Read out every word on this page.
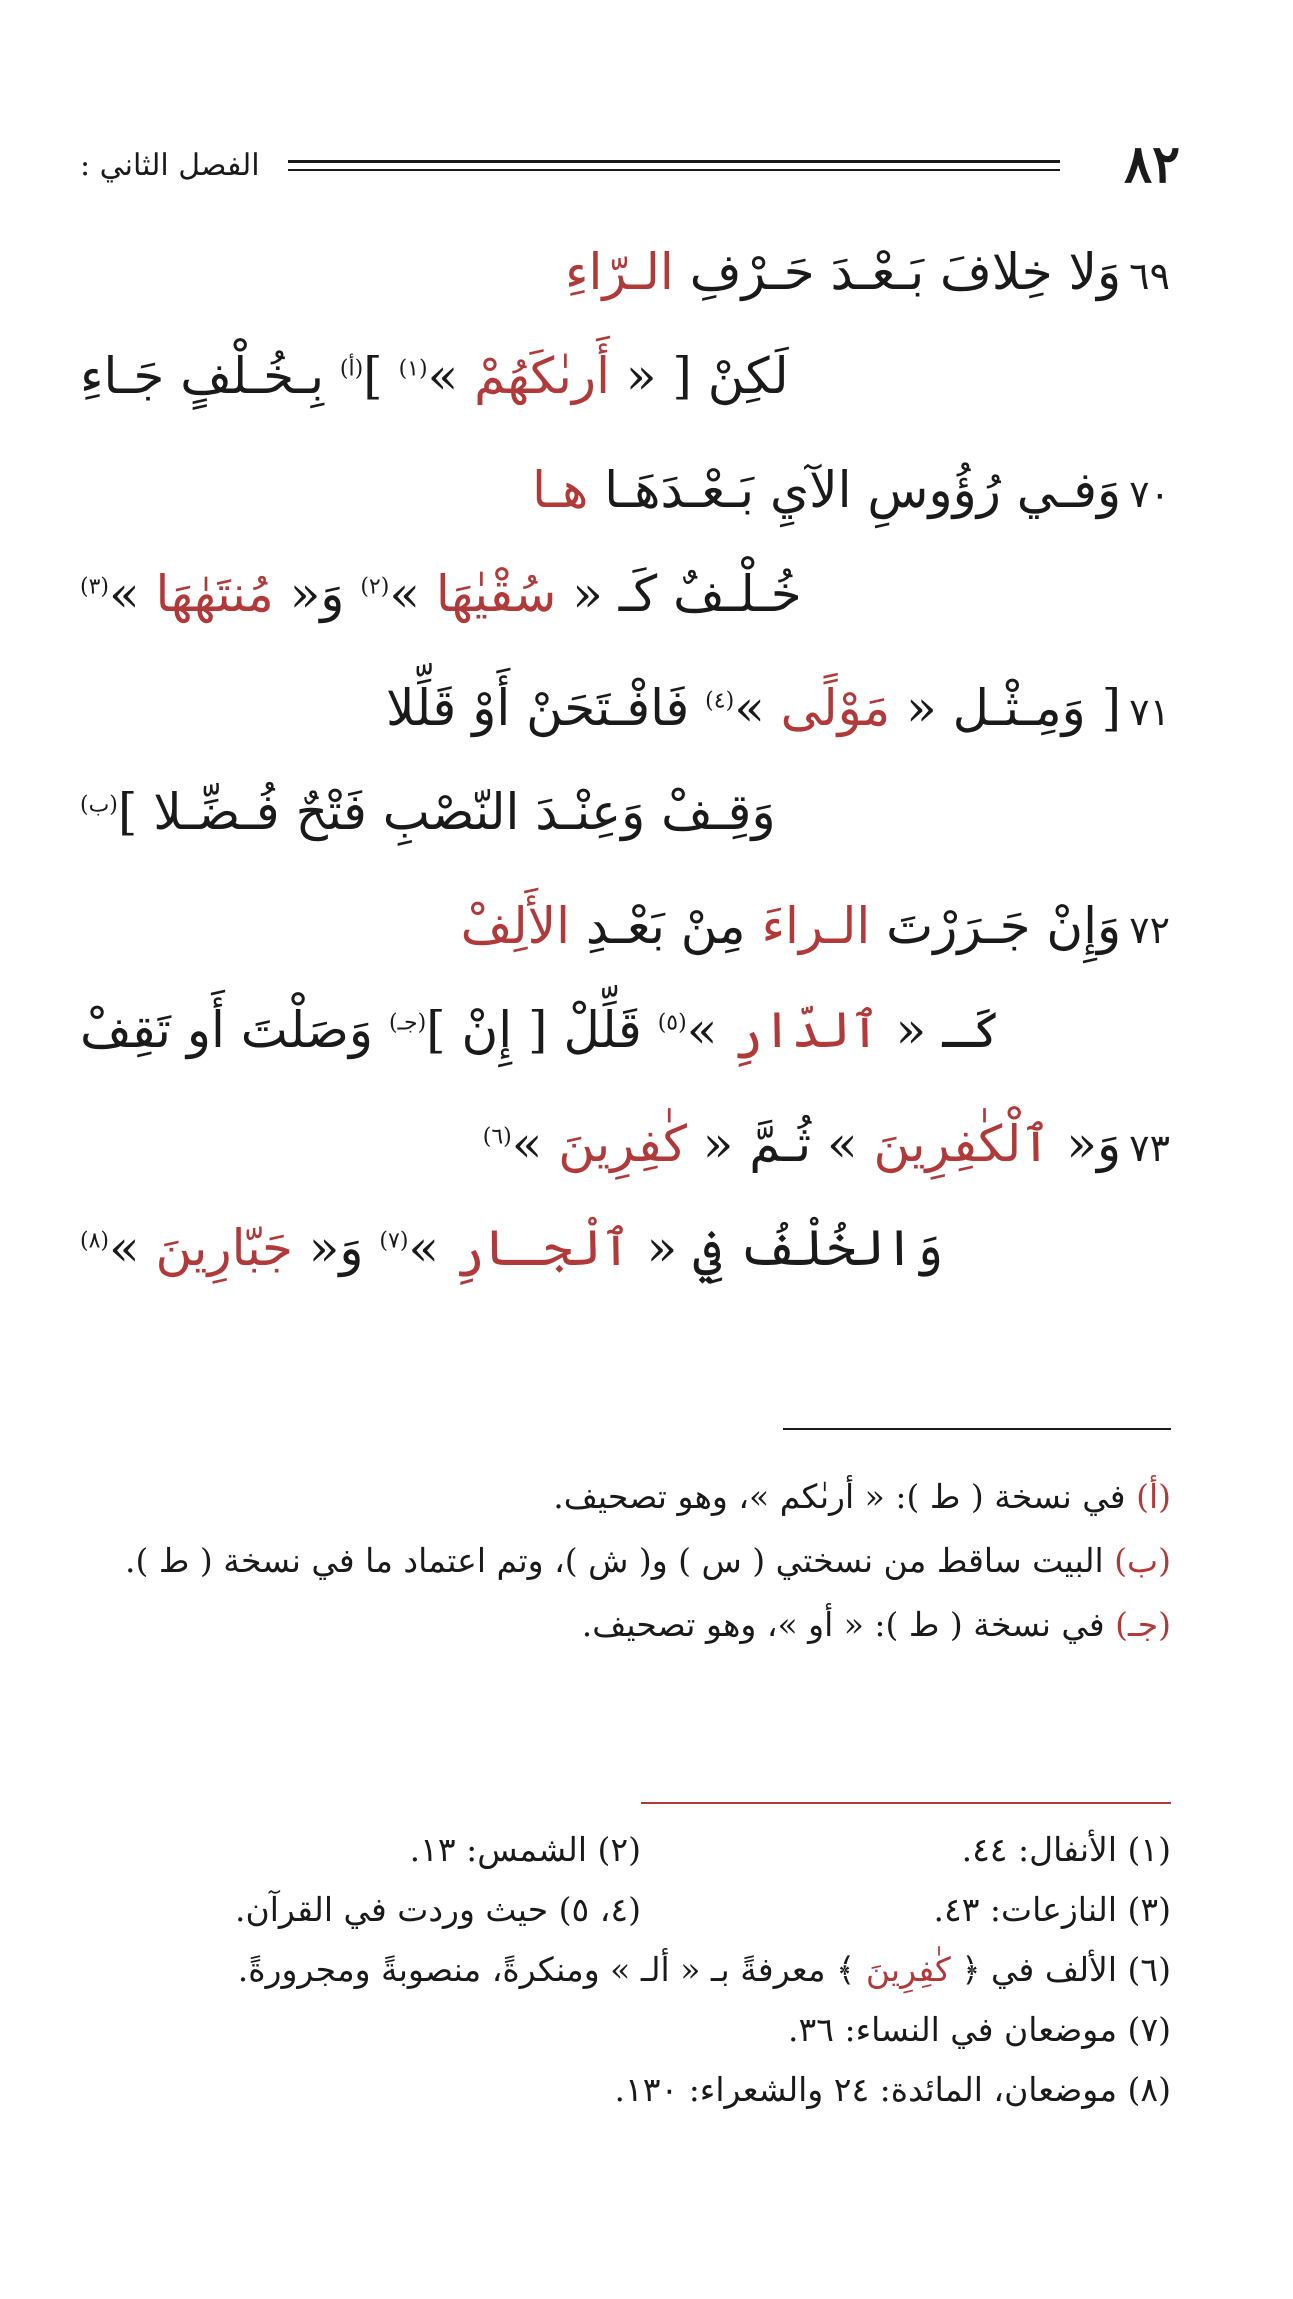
٨٢
الفصل الثاني :
٦٩وَلا خِلافَ بَـعْـدَ حَـرْفِ الـرّاءِ
لَكِنْ [ « أَرىٰكَهُمْ »$^{(١)}$ ]$^{(أ)}$ بِـخُـلْفٍ جَـاءِ
٧٠وَفـي رُؤُوسِ الآيِ بَـعْـدَهَـا هـا
خُـلْـفٌ كَـ « سُقْيٰهَا »$^{(٢)}$ وَ« مُنتَهٰهَا »$^{(٣)}$
٧١[ وَمِـثْـل « مَوْلًى »$^{(٤)}$ فَافْـتَحَنْ أَوْ قَلِّلا
وَقِـفْ وَعِنْـدَ النّصْبِ فَتْحٌ فُـضِّـلا ]$^{(ب)}$
٧٢وَإِنْ جَـرَرْتَ الـراءَ مِنْ بَعْـدِ الأَلِفْ
كَـ « ٱلدّارِ »$^{(٥)}$ قَلِّلْ [ إِنْ ]$^{(جـ)}$ وَصَلْتَ أَو تَقِفْ
٧٣وَ« ٱلْكٰفِرِينَ » ثُـمَّ « كٰفِرِينَ »$^{(٦)}$
وَالخُلْفُ فِي « ٱلْجـارِ »$^{(٧)}$ وَ« جَبّارِينَ »$^{(٨)}$

(أ) في نسخة ( ط ): « أرىٰكم »، وهو تصحيف.

(ب) البيت ساقط من نسختي ( س ) و( ش )، وتم اعتماد ما في نسخة ( ط ).

(جـ) في نسخة ( ط ): « أو »، وهو تصحيف.

(١) الأنفال: ٤٤.
(٢) الشمس: ١٣.
(٣) النازعات: ٤٣.
(٤، ٥) حيث وردت في القرآن.
(٦) الألف في ﴿ كٰفِرِينَ ﴾ معرفةً بـ « ألـ » ومنكرةً، منصوبةً ومجرورةً.
(٧) موضعان في النساء: ٣٦.
(٨) موضعان، المائدة: ٢٤ والشعراء: ١٣٠.
